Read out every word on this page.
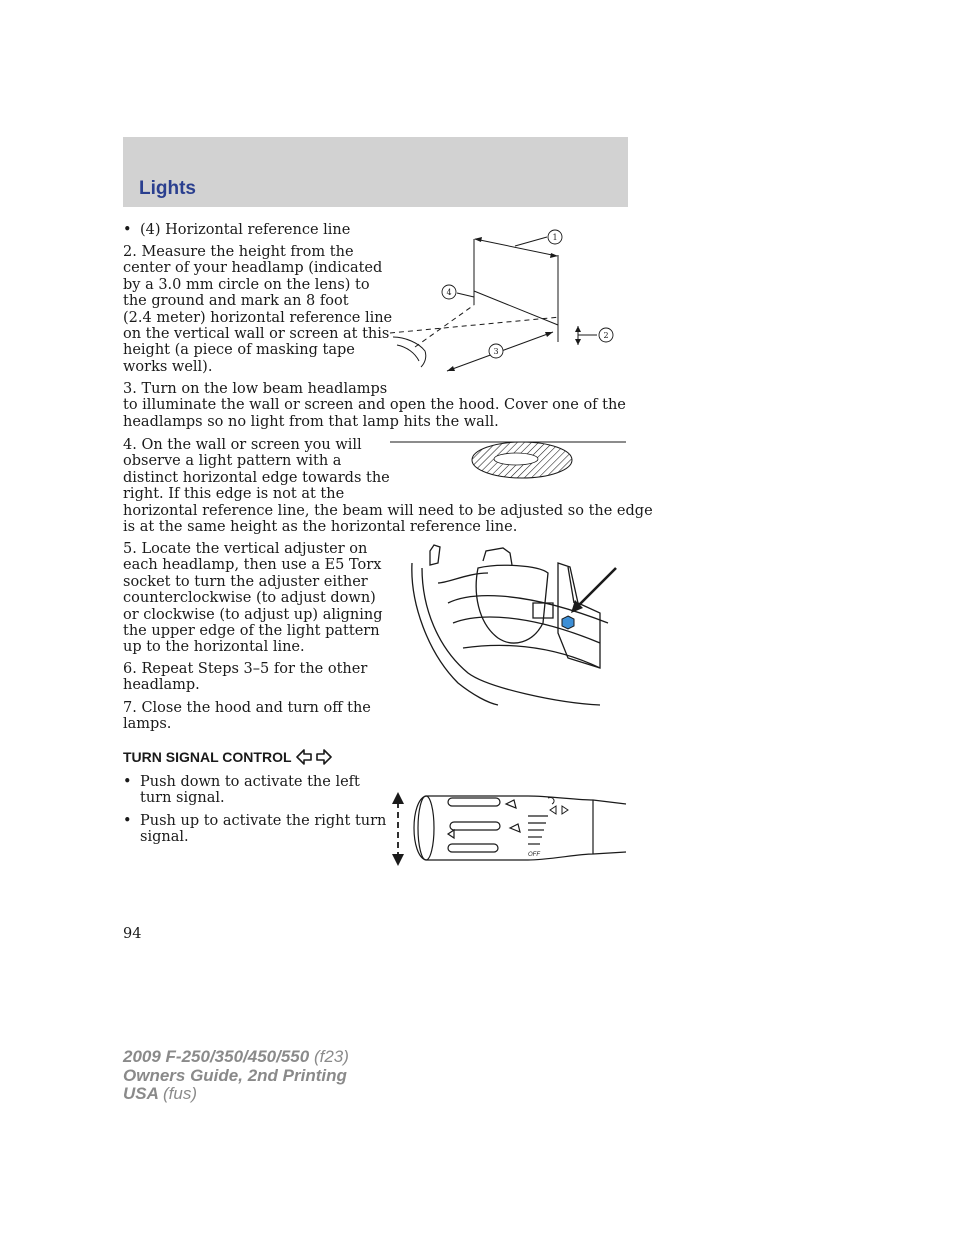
Lights
• (4) Horizontal reference line
2. Measure the height from the
center of your headlamp (indicated
by a 3.0 mm circle on the lens) to
the ground and mark an 8 foot
(2.4 meter) horizontal reference line
on the vertical wall or screen at this
height (a piece of masking tape
works well).
3. Turn on the low beam headlamps
to illuminate the wall or screen and open the hood. Cover one of the
headlamps so no light from that lamp hits the wall.
4. On the wall or screen you will
observe a light pattern with a
distinct horizontal edge towards the
right. If this edge is not at the
horizontal reference line, the beam will need to be adjusted so the edge
is at the same height as the horizontal reference line.
5. Locate the vertical adjuster on
each headlamp, then use a E5 Torx
socket to turn the adjuster either
counterclockwise (to adjust down)
or clockwise (to adjust up) aligning
the upper edge of the light pattern
up to the horizontal line.
6. Repeat Steps 3–5 for the other
headlamp.
7. Close the hood and turn off the
lamps.
TURN SIGNAL CONTROL
• Push down to activate the left
turn signal.
• Push up to activate the right turn
signal.
1
2
3
4
OFF
94
2009 F-250/350/450/550 (f23)
Owners Guide, 2nd Printing
USA (fus)
